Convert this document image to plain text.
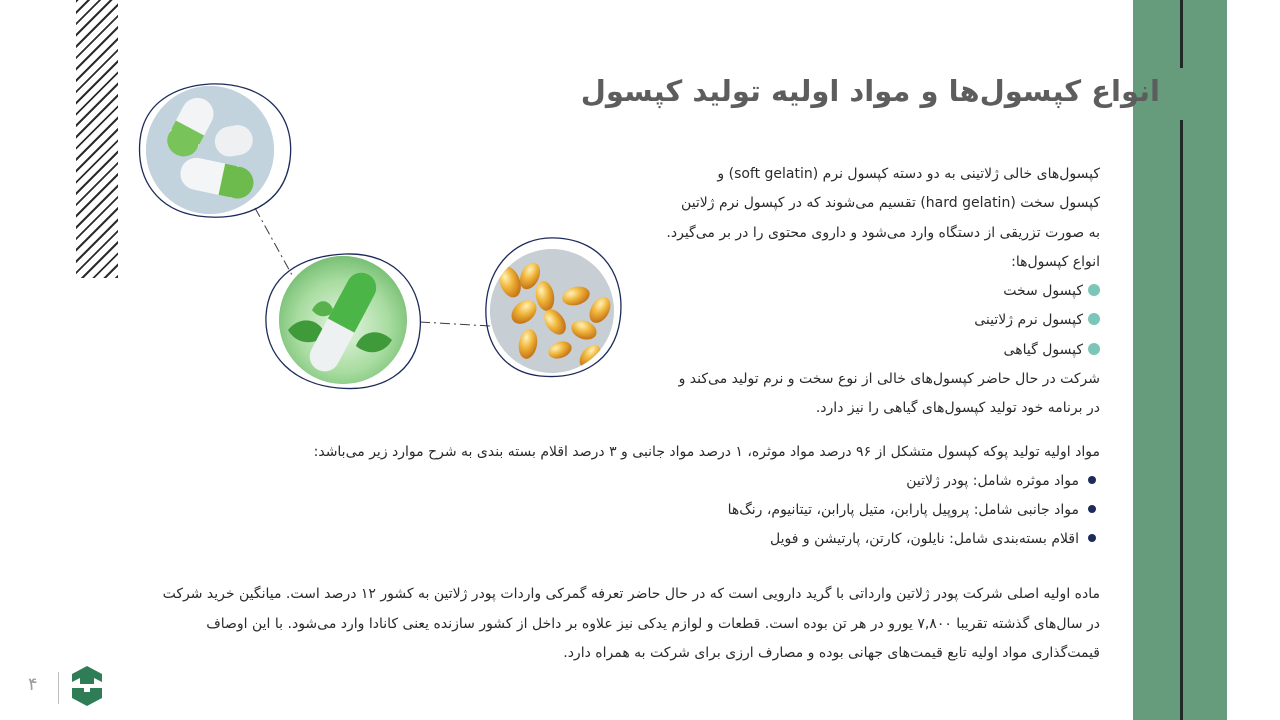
انواع کپسول‌ها و مواد اولیه تولید کپسول
کپسول‌های خالی ژلاتینی به دو دسته کپسول نرم (soft gelatin) و
کپسول سخت (hard gelatin) تقسیم می‌شوند که در کپسول نرم ژلاتین
به صورت تزریقی از دستگاه وارد می‌شود و داروی محتوی را در بر می‌گیرد.
انواع کپسول‌ها:
کپسول سخت
کپسول نرم ژلاتینی
کپسول گیاهی
شرکت در حال حاضر کپسول‌های خالی از نوع سخت و نرم تولید می‌کند و
در برنامه خود تولید کپسول‌های گیاهی را نیز دارد.
مواد اولیه تولید پوکه کپسول متشکل از ۹۶ درصد مواد موثره، ۱ درصد مواد جانبی و ۳ درصد اقلام بسته بندی به شرح موارد زیر می‌باشد:
مواد موثره شامل: پودر ژلاتین
مواد جانبی شامل: پروپیل پارابن، متیل پارابن، تیتانیوم، رنگ‌ها
اقلام بسته‌بندی شامل: نایلون، کارتن، پارتیشن و فویل
ماده اولیه اصلی شرکت پودر ژلاتین وارداتی با گرید دارویی است که در حال حاضر تعرفه گمرکی واردات پودر ژلاتین به کشور ۱۲ درصد است. میانگین خرید شرکت
در سال‌های گذشته تقریبا ۷,۸۰۰ یورو در هر تن بوده است. قطعات و لوازم یدکی نیز علاوه بر داخل از کشور سازنده یعنی کانادا وارد می‌شود. با این اوصاف
قیمت‌گذاری مواد اولیه تابع قیمت‌های جهانی بوده و مصارف ارزی برای شرکت به همراه دارد.
۴
